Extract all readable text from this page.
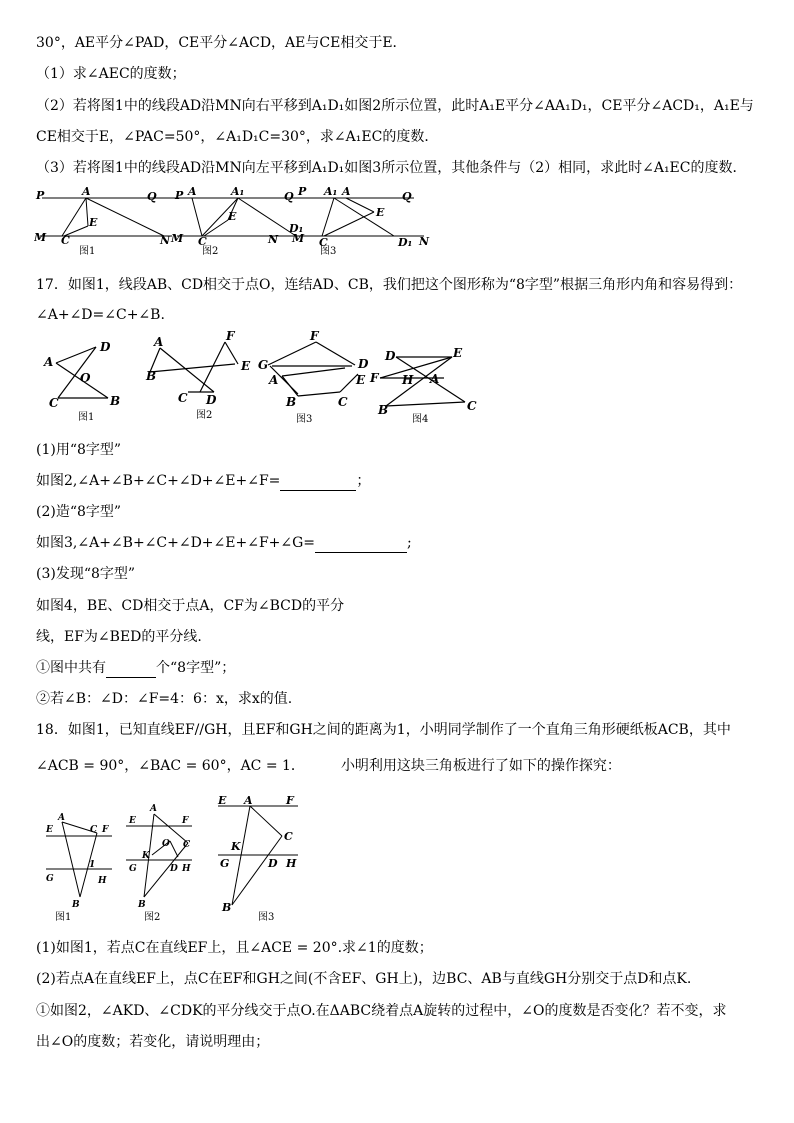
30°，AE平分∠PAD，CE平分∠ACD，AE与CE相交于E．
（1）求∠AEC的度数；
（2）若将图1中的线段AD沿MN向右平移到A₁D₁如图2所示位置，此时A₁E平分∠AA₁D₁，CE平分∠ACD₁，A₁E与
CE相交于E，∠PAC=50°，∠A₁D₁C=30°，求∠A₁EC的度数．
（3）若将图1中的线段AD沿MN向左平移到A₁D₁如图3所示位置，其他条件与（2）相同，求此时∠A₁EC的度数．
P	A	Q
E
M C	N
P A	A₁	Q
E
D₁
M C	N
P A₁ A	Q
E
M C	D₁ N
图1	图2	图3
17．如图1，线段AB、CD相交于点O，连结AD、CB，我们把这个图形称为“8字型”根据三角形内角和容易得到：
∠A+∠D=∠C+∠B.
A
D
O
C	B
A	F
B
E
C D
G
F
D
A	E
B	C
D	E
F H A
B	C
图1	图2	图3	图4
(1)用“8字型”
如图2,∠A+∠B+∠C+∠D+∠E+∠F=	；
(2)造“8字型”
如图3,∠A+∠B+∠C+∠D+∠E+∠F+∠G=	;
(3)发现“8字型”
如图4，BE、CD相交于点A，CF为∠BCD的平分
线，EF为∠BED的平分线.
①图中共有	个“8字型”；
②若∠B：∠D：∠F=4：6：x，求x的值.
18．如图1，已知直线EF//GH，且EF和GH之间的距离为1，小明同学制作了一个直角三角形硬纸板ACB，其中
∠ACB = 90°，∠BAC = 60°，AC = 1．	小明利用这块三角板进行了如下的操作探究：
E
A
C F
1
G	H
B
E
A
F
O C
K
G	D H
B
E A	F
C
K
G	D H
B
图1	图2	图3
(1)如图1，若点C在直线EF上，且∠ACE = 20°.求∠1的度数；
(2)若点A在直线EF上，点C在EF和GH之间(不含EF、GH上)，边BC、AB与直线GH分别交于点D和点K.
①如图2，∠AKD、∠CDK的平分线交于点O.在ΔABC绕着点A旋转的过程中，∠O的度数是否变化？若不变，求
出∠O的度数；若变化，请说明理由；
